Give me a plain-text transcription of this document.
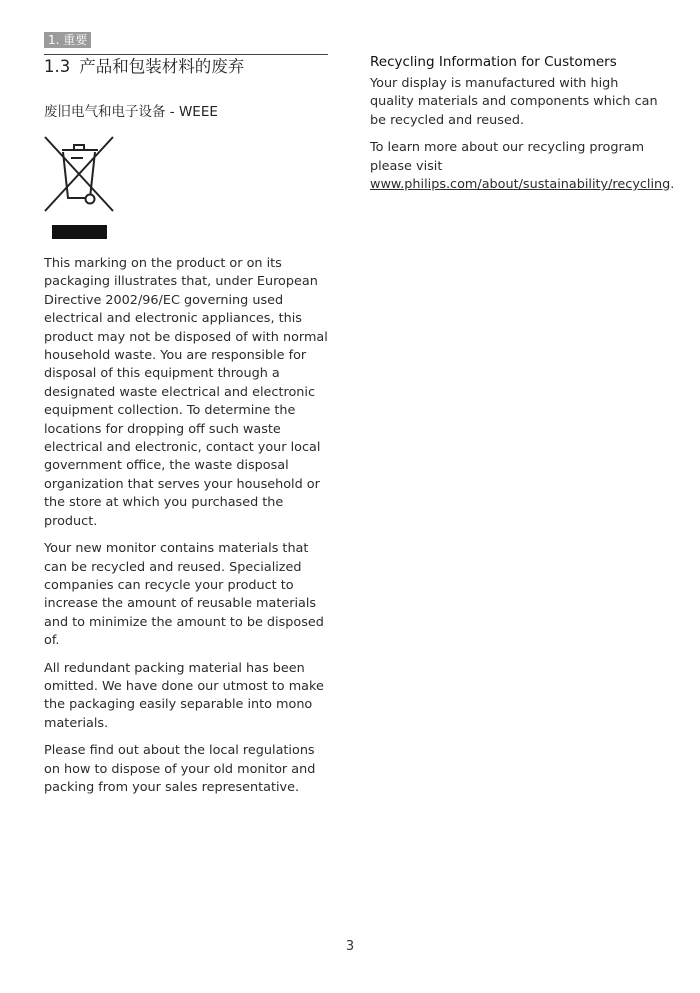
1. 重要
1.3 产品和包装材料的废弃
废旧电气和电子设备 - WEEE

This marking on the product or on its packaging illustrates that, under European Directive 2002/96/EC governing used electrical and electronic appliances, this product may not be disposed of with normal household waste. You are responsible for disposal of this equipment through a designated waste electrical and electronic equipment collection. To determine the locations for dropping off such waste electrical and electronic, contact your local government office, the waste disposal organization that serves your household or the store at which you purchased the product.

Your new monitor contains materials that can be recycled and reused. Specialized companies can recycle your product to increase the amount of reusable materials and to minimize the amount to be disposed of.

All redundant packing material has been omitted. We have done our utmost to make the packaging easily separable into mono materials.

Please find out about the local regulations on how to dispose of your old monitor and packing from your sales representative.

Recycling Information for Customers

Your display is manufactured with high quality materials and components which can be recycled and reused.

To learn more about our recycling program please visit www.philips.com/about/sustainability/recycling.

3
